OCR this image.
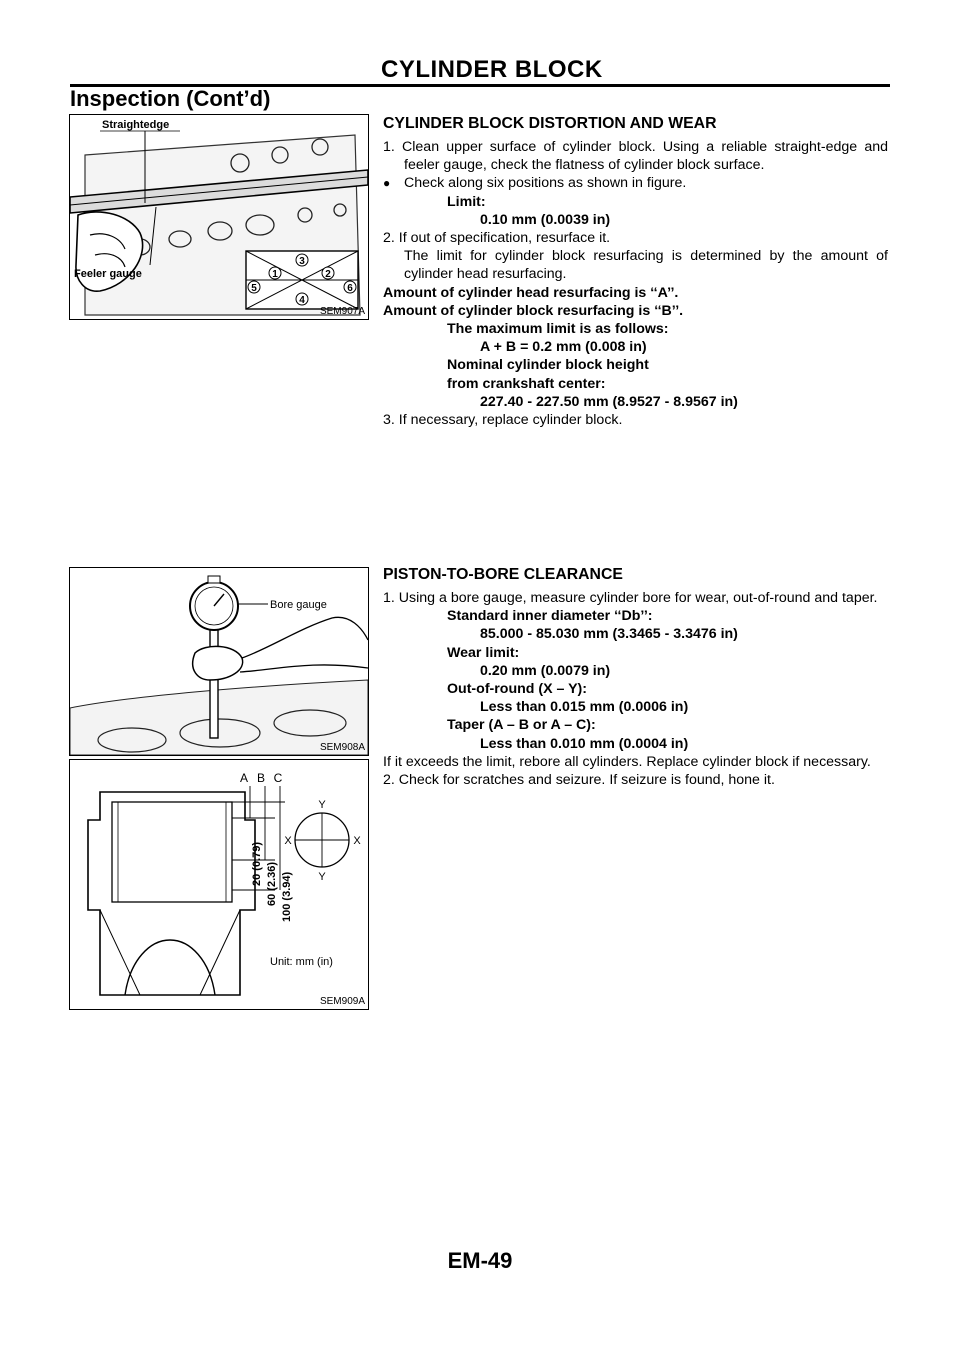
CYLINDER BLOCK
Inspection (Cont’d)
Straightedge
Feeler gauge	1	2
3
4
5	6
SEM907A
Bore gauge
SEM908A
A B C
20 (0.79) 60 (2.36) 100 (3.94)
Y
Y
X	X
Unit: mm (in)
SEM909A
CYLINDER BLOCK DISTORTION AND WEAR

1. Clean upper surface of cylinder block. Using a reliable straight-edge and feeler gauge, check the flatness of cylinder block surface.

● Check along six positions as shown in figure.

Limit:

0.10 mm (0.0039 in)

2. If out of specification, resurface it.

The limit for cylinder block resurfacing is determined by the amount of cylinder head resurfacing.

Amount of cylinder head resurfacing is ‘‘A’’.

Amount of cylinder block resurfacing is ‘‘B’’.

The maximum limit is as follows:

A + B = 0.2 mm (0.008 in)

Nominal cylinder block height

from crankshaft center:

227.40 - 227.50 mm (8.9527 - 8.9567 in)

3. If necessary, replace cylinder block.

PISTON-TO-BORE CLEARANCE

1. Using a bore gauge, measure cylinder bore for wear, out-of-round and taper.

Standard inner diameter ‘‘Db’’:

85.000 - 85.030 mm (3.3465 - 3.3476 in)

Wear limit:

0.20 mm (0.0079 in)

Out-of-round (X – Y):

Less than 0.015 mm (0.0006 in)

Taper (A – B or A – C):

Less than 0.010 mm (0.0004 in)

If it exceeds the limit, rebore all cylinders. Replace cylinder block if necessary.

2. Check for scratches and seizure. If seizure is found, hone it.

EM-49
